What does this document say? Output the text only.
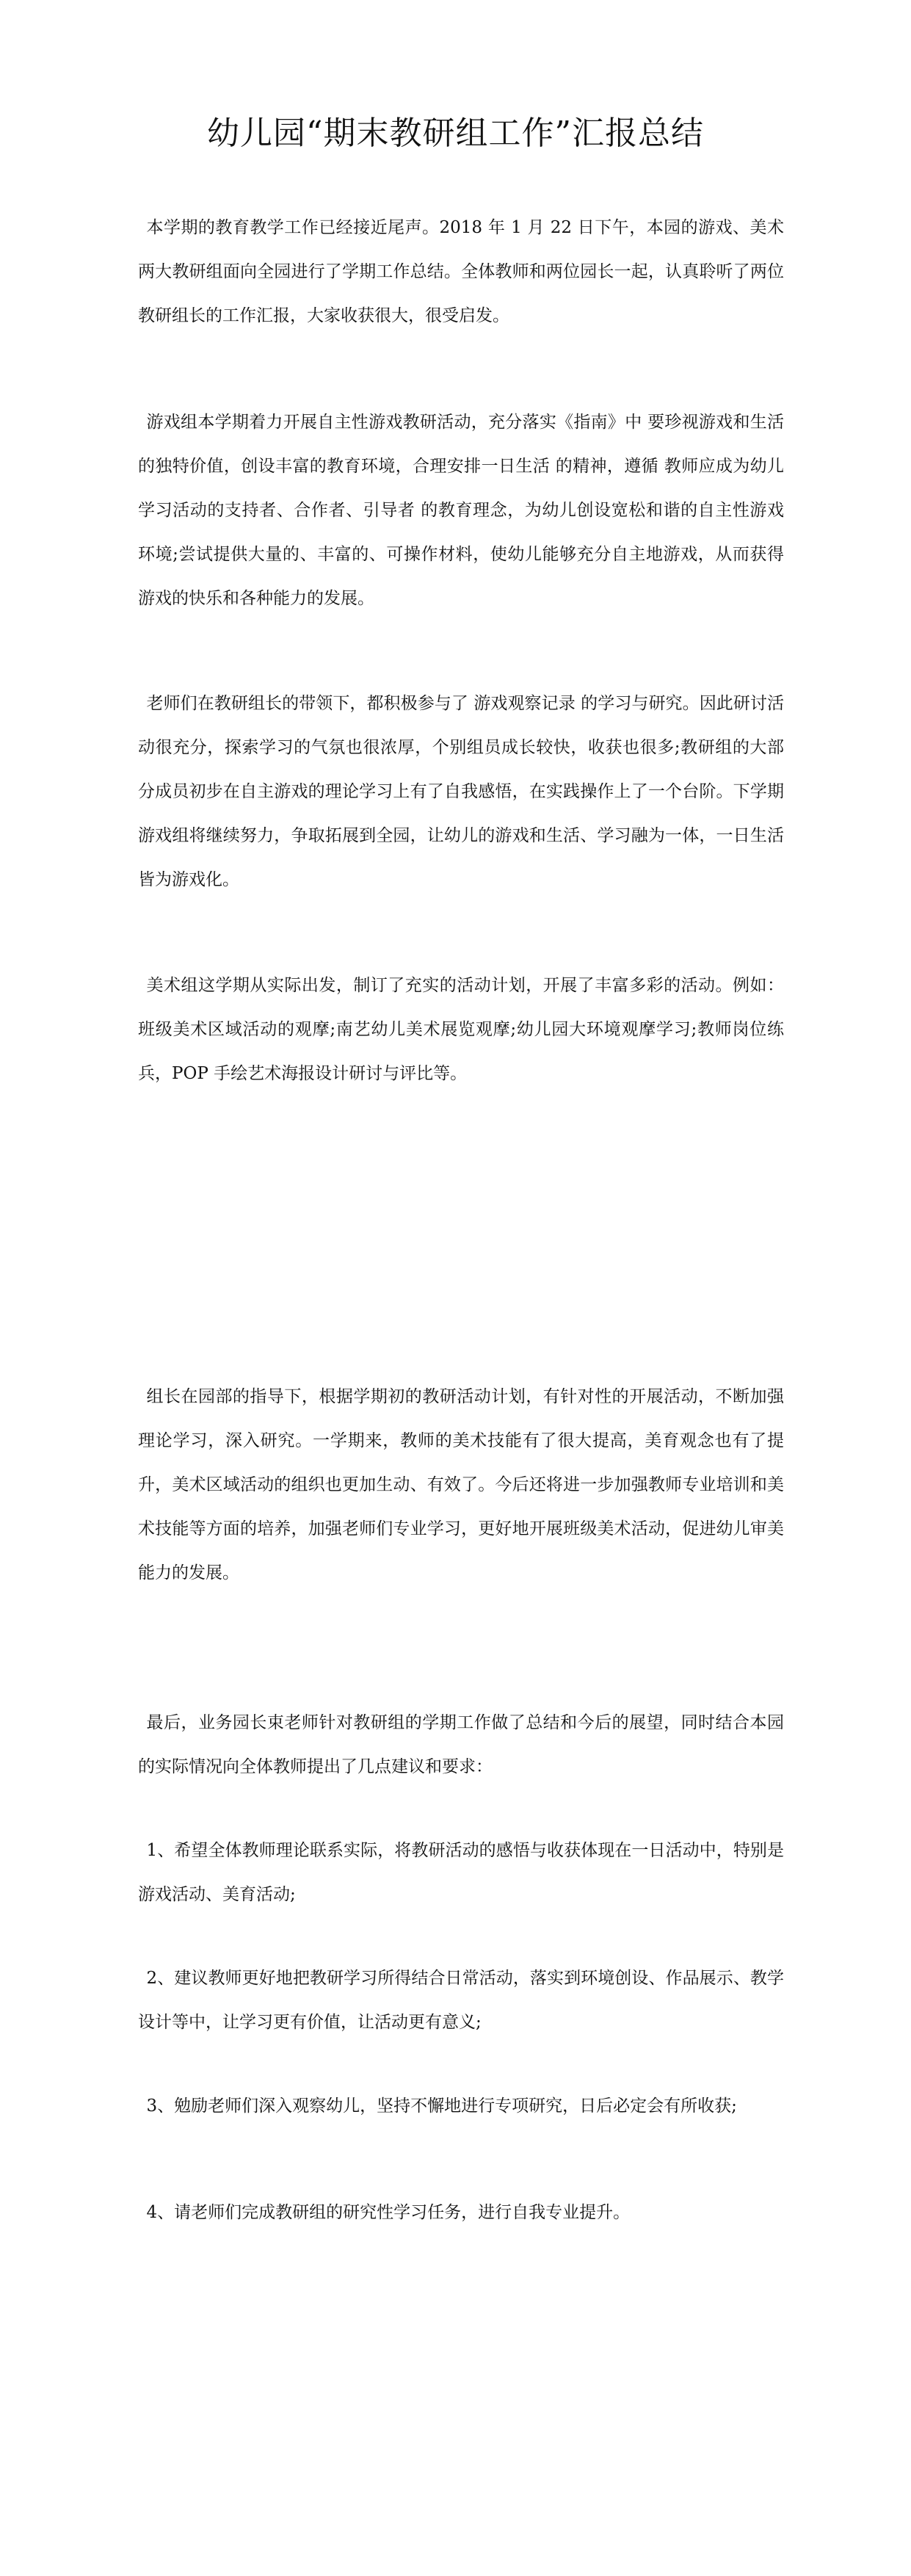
幼儿园“期末教研组工作”汇报总结

本学期的教育教学工作已经接近尾声。2018 年 1 月 22 日下午，本园的游戏、美术两大教研组面向全园进行了学期工作总结。全体教师和两位园长一起，认真聆听了两位教研组长的工作汇报，大家收获很大，很受启发。

游戏组本学期着力开展自主性游戏教研活动，充分落实《指南》中 要珍视游戏和生活的独特价值，创设丰富的教育环境，合理安排一日生活 的精神，遵循 教师应成为幼儿学习活动的支持者、合作者、引导者 的教育理念，为幼儿创设宽松和谐的自主性游戏环境;尝试提供大量的、丰富的、可操作材料，使幼儿能够充分自主地游戏，从而获得游戏的快乐和各种能力的发展。

老师们在教研组长的带领下，都积极参与了 游戏观察记录 的学习与研究。因此研讨活动很充分，探索学习的气氛也很浓厚，个别组员成长较快，收获也很多;教研组的大部分成员初步在自主游戏的理论学习上有了自我感悟，在实践操作上了一个台阶。下学期游戏组将继续努力，争取拓展到全园，让幼儿的游戏和生活、学习融为一体，一日生活皆为游戏化。

美术组这学期从实际出发，制订了充实的活动计划，开展了丰富多彩的活动。例如：班级美术区域活动的观摩;南艺幼儿美术展览观摩;幼儿园大环境观摩学习;教师岗位练兵，POP 手绘艺术海报设计研讨与评比等。

组长在园部的指导下，根据学期初的教研活动计划，有针对性的开展活动，不断加强理论学习，深入研究。一学期来，教师的美术技能有了很大提高，美育观念也有了提升，美术区域活动的组织也更加生动、有效了。今后还将进一步加强教师专业培训和美术技能等方面的培养，加强老师们专业学习，更好地开展班级美术活动，促进幼儿审美能力的发展。

最后，业务园长束老师针对教研组的学期工作做了总结和今后的展望，同时结合本园的实际情况向全体教师提出了几点建议和要求：

1、希望全体教师理论联系实际，将教研活动的感悟与收获体现在一日活动中，特别是游戏活动、美育活动;

2、建议教师更好地把教研学习所得结合日常活动，落实到环境创设、作品展示、教学设计等中，让学习更有价值，让活动更有意义;

3、勉励老师们深入观察幼儿，坚持不懈地进行专项研究，日后必定会有所收获;

4、请老师们完成教研组的研究性学习任务，进行自我专业提升。
